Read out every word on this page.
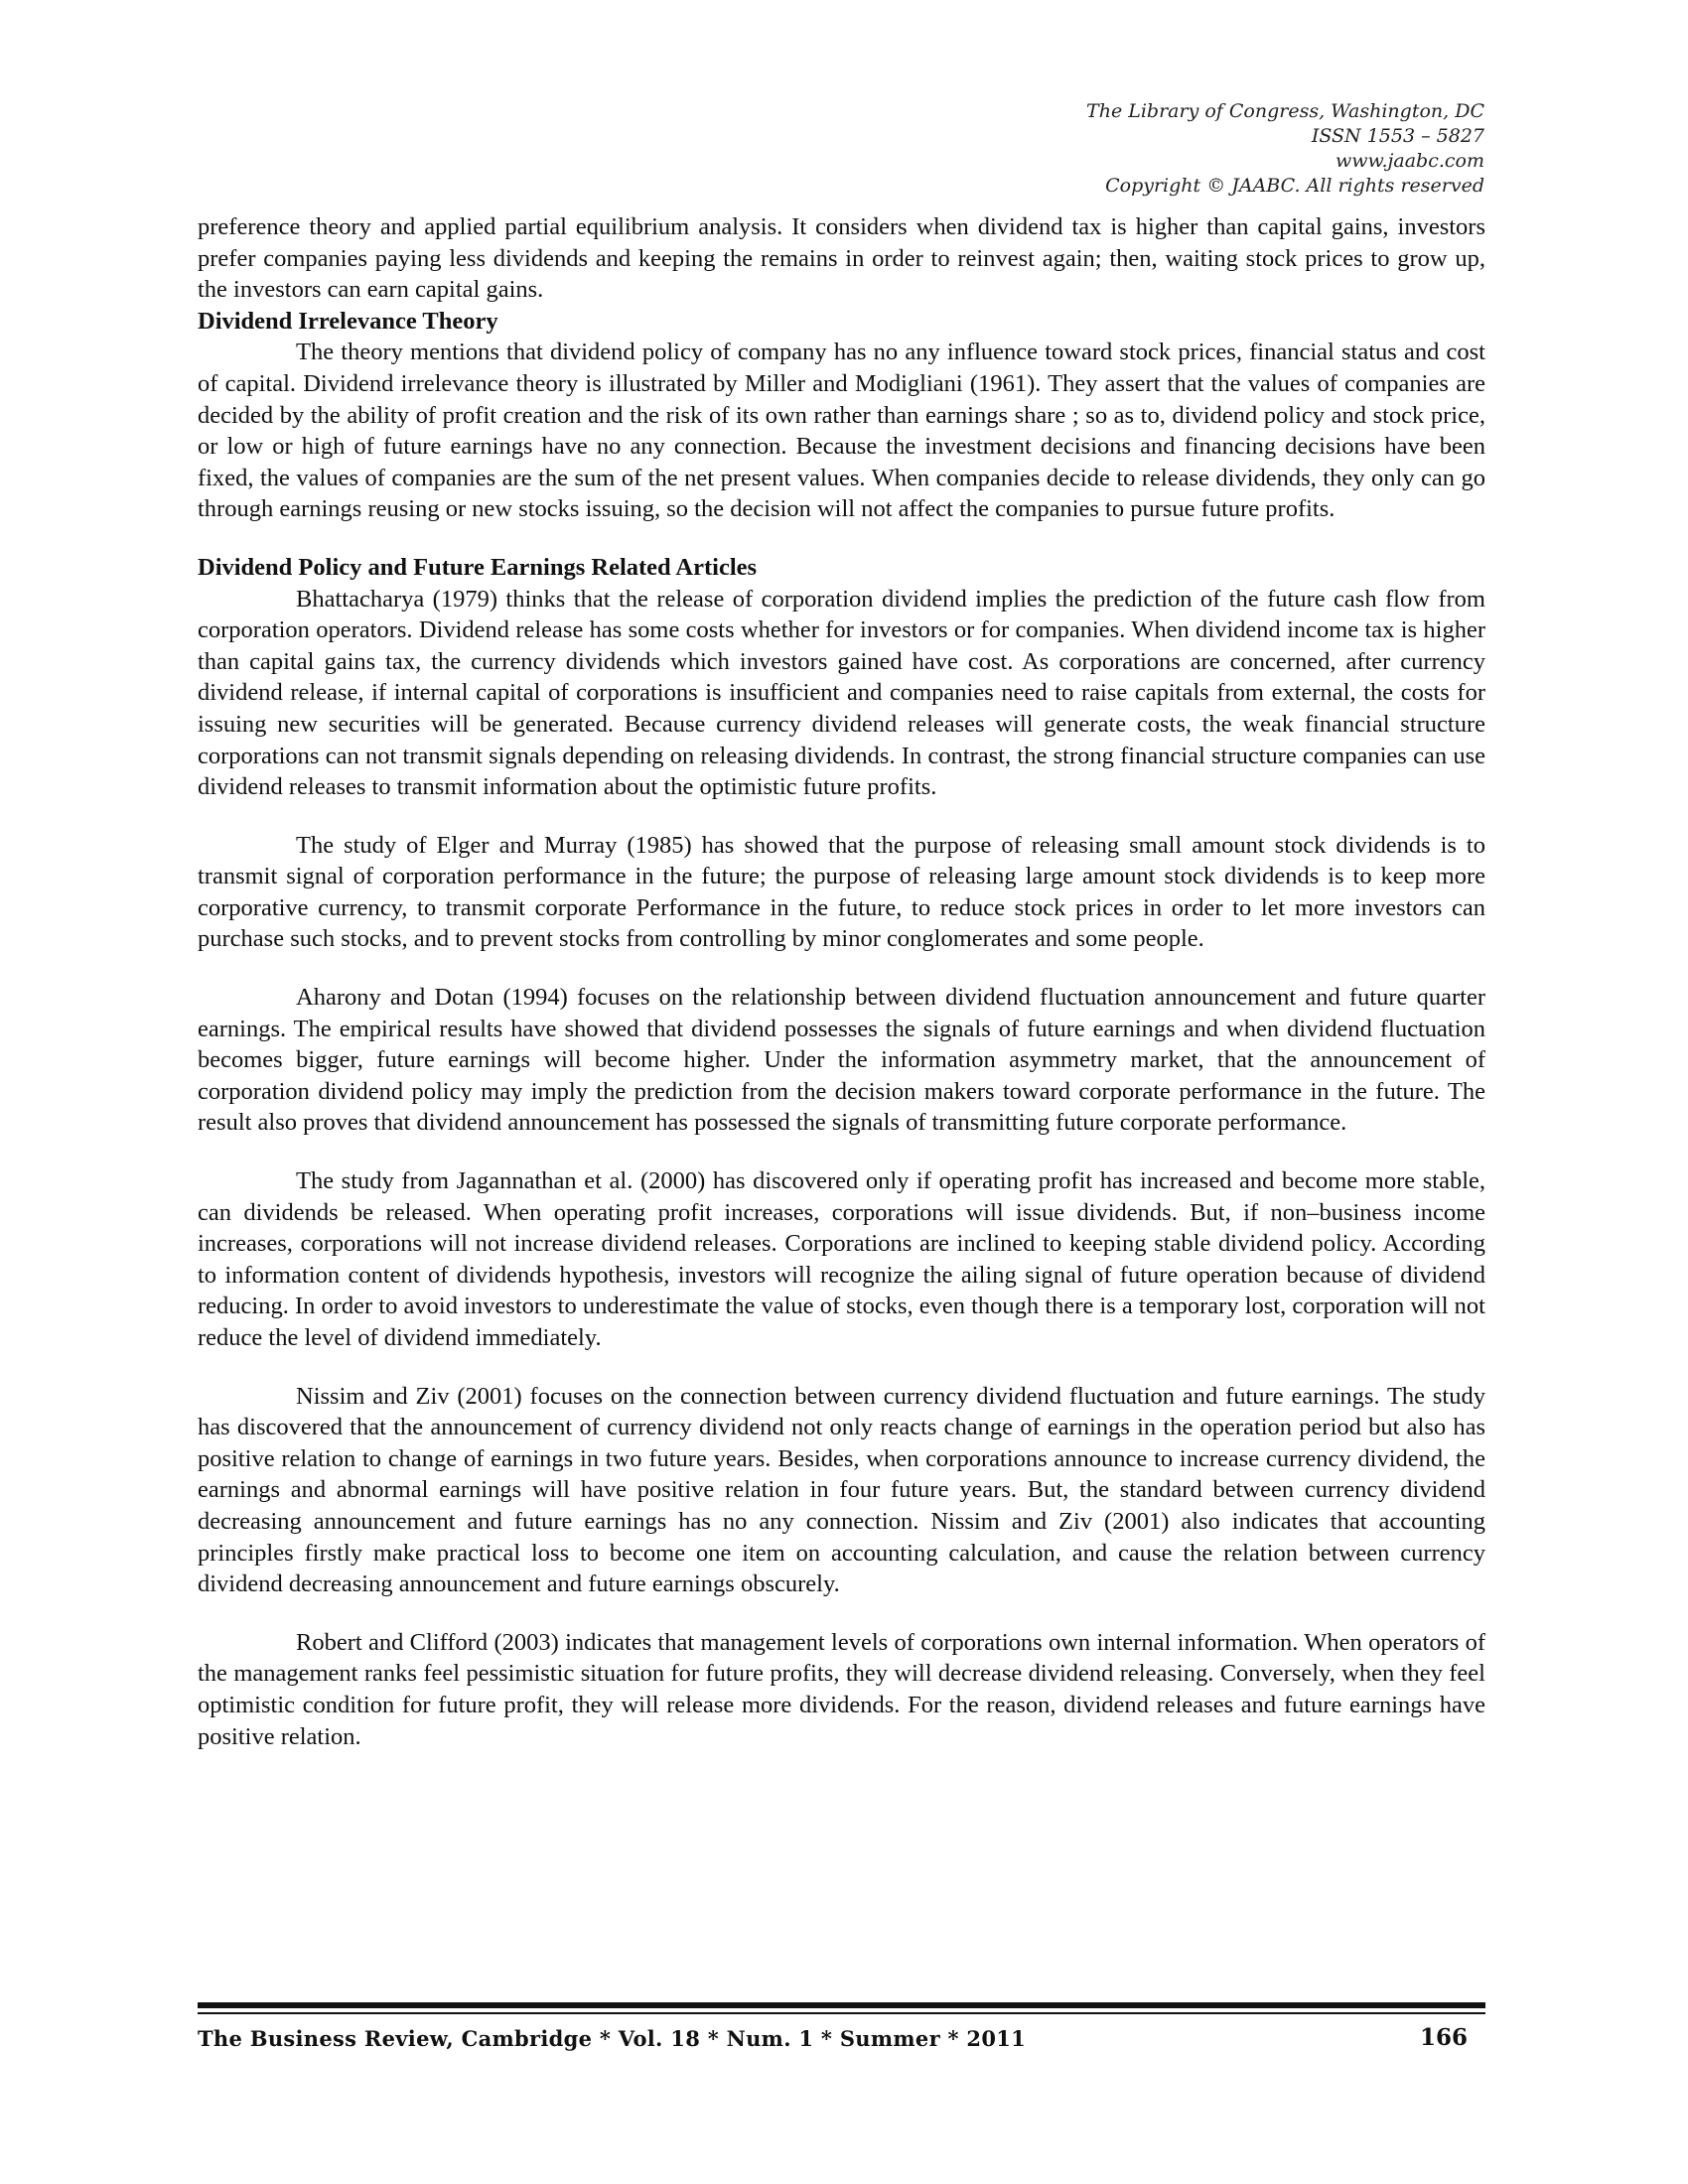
The Library of Congress, Washington, DC
ISSN 1553 – 5827
www.jaabc.com
Copyright © JAABC. All rights reserved

preference theory and applied partial equilibrium analysis. It considers when dividend tax is higher than capital gains, investors prefer companies paying less dividends and keeping the remains in order to reinvest again; then, waiting stock prices to grow up, the investors can earn capital gains.

Dividend Irrelevance Theory

The theory mentions that dividend policy of company has no any influence toward stock prices, financial status and cost of capital. Dividend irrelevance theory is illustrated by Miller and Modigliani (1961). They assert that the values of companies are decided by the ability of profit creation and the risk of its own rather than earnings share ; so as to, dividend policy and stock price, or low or high of future earnings have no any connection. Because the investment decisions and financing decisions have been fixed, the values of companies are the sum of the net present values. When companies decide to release dividends, they only can go through earnings reusing or new stocks issuing, so the decision will not affect the companies to pursue future profits.

Dividend Policy and Future Earnings Related Articles

Bhattacharya (1979) thinks that the release of corporation dividend implies the prediction of the future cash flow from corporation operators. Dividend release has some costs whether for investors or for companies. When dividend income tax is higher than capital gains tax, the currency dividends which investors gained have cost. As corporations are concerned, after currency dividend release, if internal capital of corporations is insufficient and companies need to raise capitals from external, the costs for issuing new securities will be generated. Because currency dividend releases will generate costs, the weak financial structure corporations can not transmit signals depending on releasing dividends. In contrast, the strong financial structure companies can use dividend releases to transmit information about the optimistic future profits.

The study of Elger and Murray (1985) has showed that the purpose of releasing small amount stock dividends is to transmit signal of corporation performance in the future; the purpose of releasing large amount stock dividends is to keep more corporative currency, to transmit corporate Performance in the future, to reduce stock prices in order to let more investors can purchase such stocks, and to prevent stocks from controlling by minor conglomerates and some people.

Aharony and Dotan (1994) focuses on the relationship between dividend fluctuation announcement and future quarter earnings. The empirical results have showed that dividend possesses the signals of future earnings and when dividend fluctuation becomes bigger, future earnings will become higher. Under the information asymmetry market, that the announcement of corporation dividend policy may imply the prediction from the decision makers toward corporate performance in the future. The result also proves that dividend announcement has possessed the signals of transmitting future corporate performance.

The study from Jagannathan et al. (2000) has discovered only if operating profit has increased and become more stable, can dividends be released. When operating profit increases, corporations will issue dividends. But, if non–business income increases, corporations will not increase dividend releases. Corporations are inclined to keeping stable dividend policy. According to information content of dividends hypothesis, investors will recognize the ailing signal of future operation because of dividend reducing. In order to avoid investors to underestimate the value of stocks, even though there is a temporary lost, corporation will not reduce the level of dividend immediately.

Nissim and Ziv (2001) focuses on the connection between currency dividend fluctuation and future earnings. The study has discovered that the announcement of currency dividend not only reacts change of earnings in the operation period but also has positive relation to change of earnings in two future years. Besides, when corporations announce to increase currency dividend, the earnings and abnormal earnings will have positive relation in four future years. But, the standard between currency dividend decreasing announcement and future earnings has no any connection. Nissim and Ziv (2001) also indicates that accounting principles firstly make practical loss to become one item on accounting calculation, and cause the relation between currency dividend decreasing announcement and future earnings obscurely.

Robert and Clifford (2003) indicates that management levels of corporations own internal information. When operators of the management ranks feel pessimistic situation for future profits, they will decrease dividend releasing. Conversely, when they feel optimistic condition for future profit, they will release more dividends. For the reason, dividend releases and future earnings have positive relation.

The Business Review, Cambridge * Vol. 18 * Num. 1 * Summer * 2011	166
